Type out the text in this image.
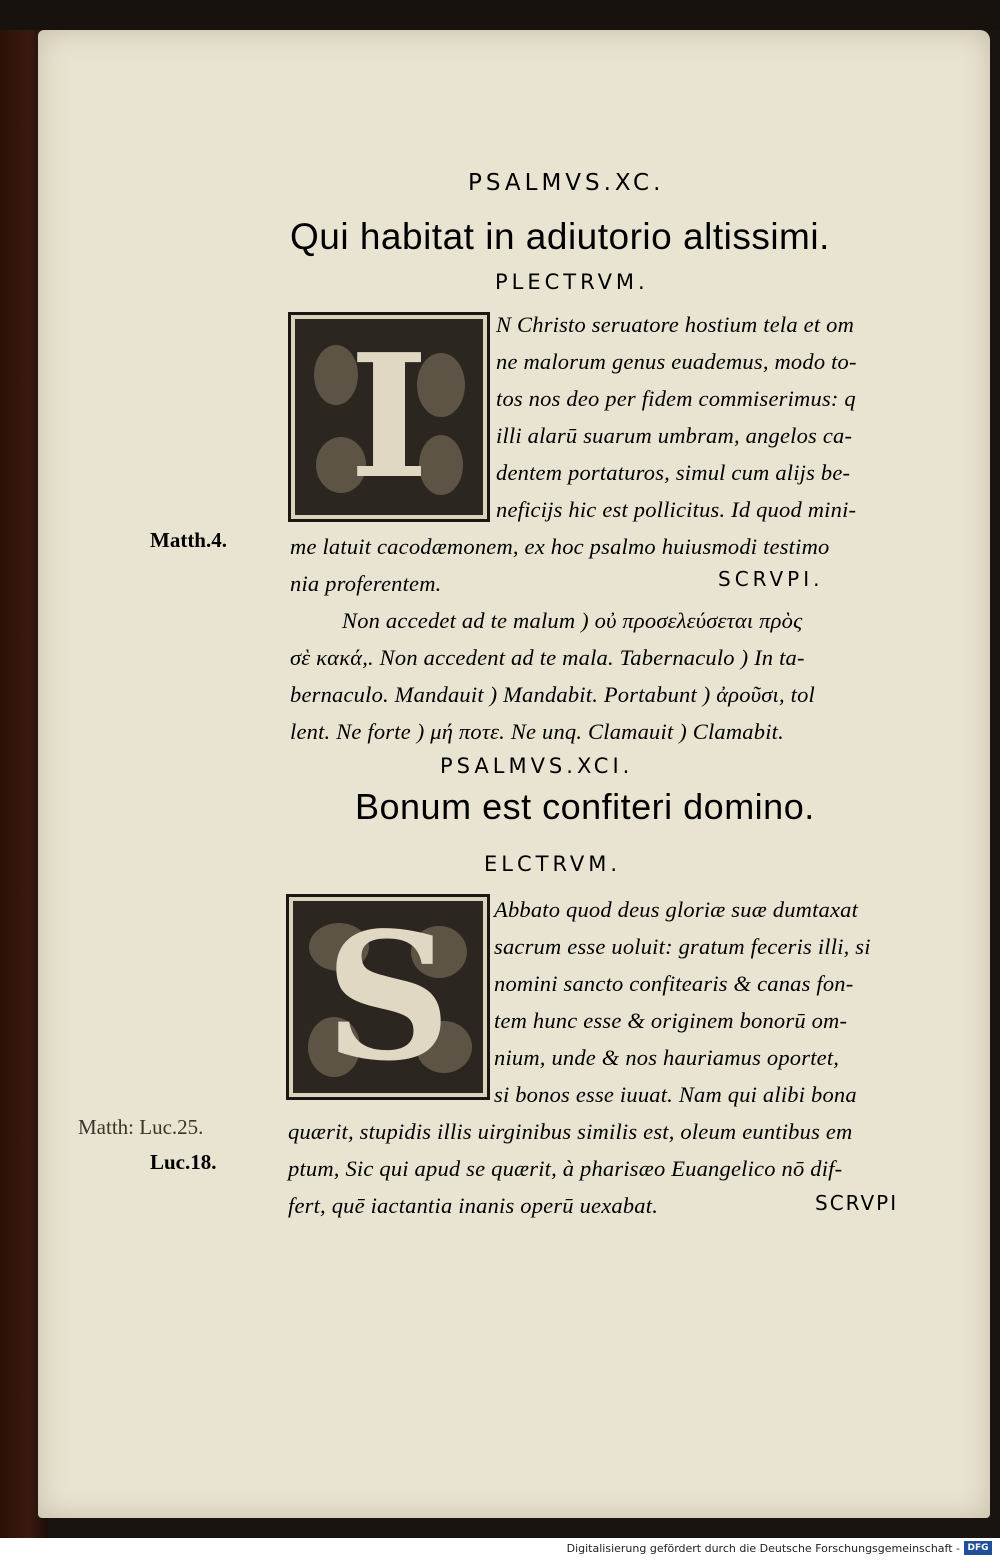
PSALMVS.XC.
Qui habitat in adiutorio altissimi.
PLECTRVM.
I	N Christo seruatore hostium tela et om
ne malorum genus euademus, modo to-
tos nos deo per fidem commiserimus: q
illi alarū suarum umbram, angelos ca-
dentem portaturos, simul cum alijs be-
neficijs hic est pollicitus. Id quod mini-
me latuit cacodæmonem, ex hoc psalmo huiusmodi testimo
nia proferentem.	SCRVPI.
Matth.4.
Non accedet ad te malum ) οὐ προσελεύσεται πρὸς
σὲ κακά,. Non accedent ad te mala. Tabernaculo ) In ta-
bernaculo. Mandauit ) Mandabit. Portabunt ) ἀροῦσι, tol
lent. Ne forte ) μή ποτε. Ne unq. Clamauit ) Clamabit.
PSALMVS.XCI.
Bonum est confiteri domino.
ELCTRVM.
S	Abbato quod deus gloriæ suæ dumtaxat
sacrum esse uoluit: gratum feceris illi, si
nomini sancto confitearis & canas fon-
tem hunc esse & originem bonorū om-
nium, unde & nos hauriamus oportet,
si bonos esse iuuat. Nam qui alibi bona
quærit, stupidis illis uirginibus similis est, oleum euntibus em
ptum, Sic qui apud se quærit, à pharisæo Euangelico nō dif-
fert, quē iactantia inanis operū uexabat.	SCRVPI
Matth: Luc.25.
Luc.18.
Digitalisierung gefördert durch die Deutsche Forschungsgemeinschaft - DFG
